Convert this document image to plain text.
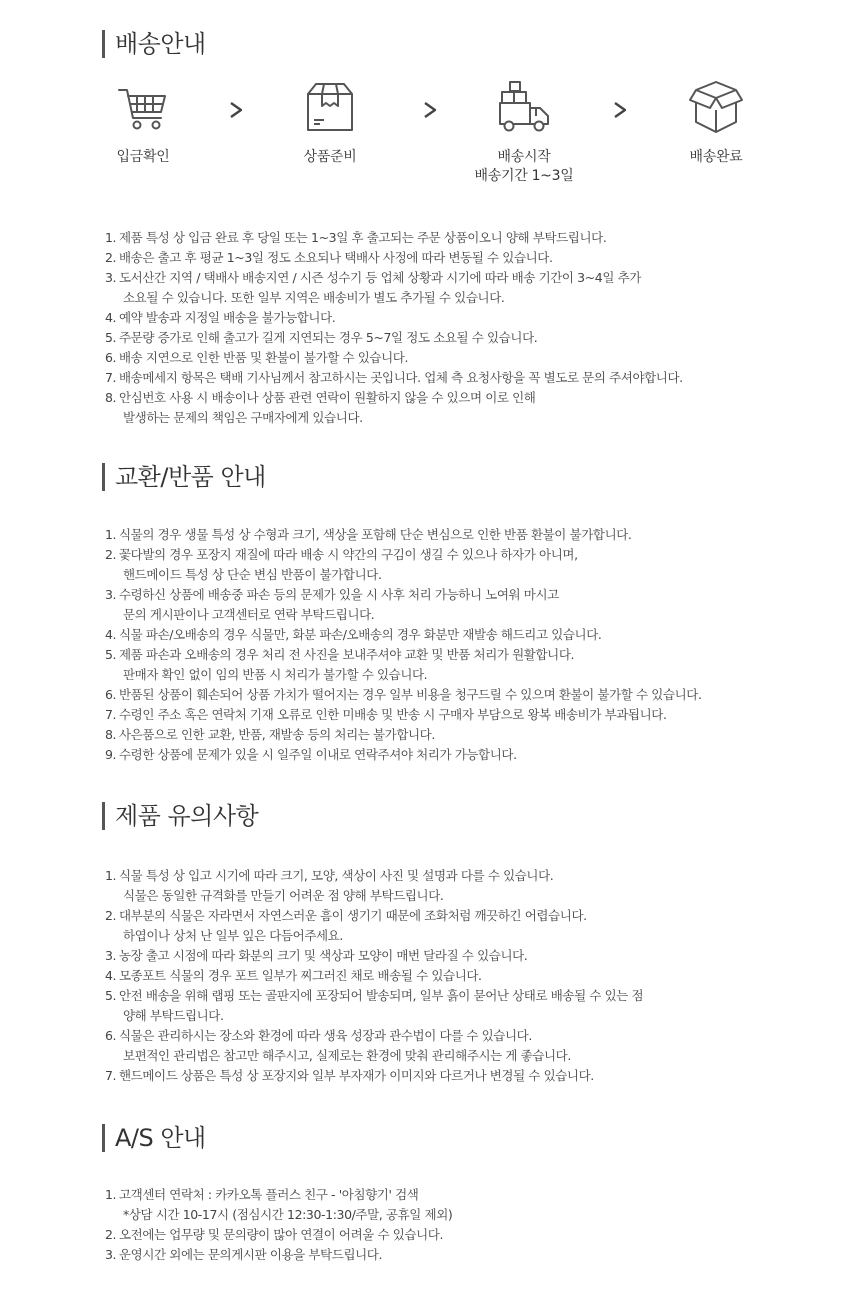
배송안내
입금확인	상품준비	배송시작
배송기간 1~3일
배송완료
1. 제품 특성 상 입금 완료 후 당일 또는 1~3일 후 출고되는 주문 상품이오니 양해 부탁드립니다.
2. 배송은 출고 후 평균 1~3일 정도 소요되나 택배사 사정에 따라 변동될 수 있습니다.
3. 도서산간 지역 / 택배사 배송지연 / 시즌 성수기 등 업체 상황과 시기에 따라 배송 기간이 3~4일 추가
소요될 수 있습니다. 또한 일부 지역은 배송비가 별도 추가될 수 있습니다.
4. 예약 발송과 지정일 배송을 불가능합니다.
5. 주문량 증가로 인해 출고가 길게 지연되는 경우 5~7일 정도 소요될 수 있습니다.
6. 배송 지연으로 인한 반품 및 환불이 불가할 수 있습니다.
7. 배송메세지 항목은 택배 기사님께서 참고하시는 곳입니다. 업체 측 요청사항을 꼭 별도로 문의 주셔야합니다.
8. 안심번호 사용 시 배송이나 상품 관련 연락이 원활하지 않을 수 있으며 이로 인해
발생하는 문제의 책임은 구매자에게 있습니다.
교환/반품 안내
1. 식물의 경우 생물 특성 상 수형과 크기, 색상을 포함해 단순 변심으로 인한 반품 환불이 불가합니다.
2. 꽃다발의 경우 포장지 재질에 따라 배송 시 약간의 구김이 생길 수 있으나 하자가 아니며,
핸드메이드 특성 상 단순 변심 반품이 불가합니다.
3. 수령하신 상품에 배송중 파손 등의 문제가 있을 시 사후 처리 가능하니 노여워 마시고
문의 게시판이나 고객센터로 연락 부탁드립니다.
4. 식물 파손/오배송의 경우 식물만, 화분 파손/오배송의 경우 화분만 재발송 해드리고 있습니다.
5. 제품 파손과 오배송의 경우 처리 전 사진을 보내주셔야 교환 및 반품 처리가 원활합니다.
판매자 확인 없이 임의 반품 시 처리가 불가할 수 있습니다.
6. 반품된 상품이 훼손되어 상품 가치가 떨어지는 경우 일부 비용을 청구드릴 수 있으며 환불이 불가할 수 있습니다.
7. 수령인 주소 혹은 연락처 기재 오류로 인한 미배송 및 반송 시 구매자 부담으로 왕복 배송비가 부과됩니다.
8. 사은품으로 인한 교환, 반품, 재발송 등의 처리는 불가합니다.
9. 수령한 상품에 문제가 있을 시 일주일 이내로 연락주셔야 처리가 가능합니다.
제품 유의사항
1. 식물 특성 상 입고 시기에 따라 크기, 모양, 색상이 사진 및 설명과 다를 수 있습니다.
식물은 동일한 규격화를 만들기 어려운 점 양해 부탁드립니다.
2. 대부분의 식물은 자라면서 자연스러운 흠이 생기기 때문에 조화처럼 깨끗하긴 어렵습니다.
하엽이나 상처 난 일부 잎은 다듬어주세요.
3. 농장 출고 시점에 따라 화분의 크기 및 색상과 모양이 매번 달라질 수 있습니다.
4. 모종포트 식물의 경우 포트 일부가 찌그러진 채로 배송될 수 있습니다.
5. 안전 배송을 위해 랩핑 또는 골판지에 포장되어 발송되며, 일부 흙이 묻어난 상태로 배송될 수 있는 점
양해 부탁드립니다.
6. 식물은 관리하시는 장소와 환경에 따라 생육 성장과 관수법이 다를 수 있습니다.
보편적인 관리법은 참고만 해주시고, 실제로는 환경에 맞춰 관리해주시는 게 좋습니다.
7. 핸드메이드 상품은 특성 상 포장지와 일부 부자재가 이미지와 다르거나 변경될 수 있습니다.
A/S 안내
1. 고객센터 연락처 : 카카오톡 플러스 친구 - '아침향기' 검색
*상담 시간 10-17시 (점심시간 12:30-1:30/주말, 공휴일 제외)
2. 오전에는 업무량 및 문의량이 많아 연결이 어려울 수 있습니다.
3. 운영시간 외에는 문의게시판 이용을 부탁드립니다.
